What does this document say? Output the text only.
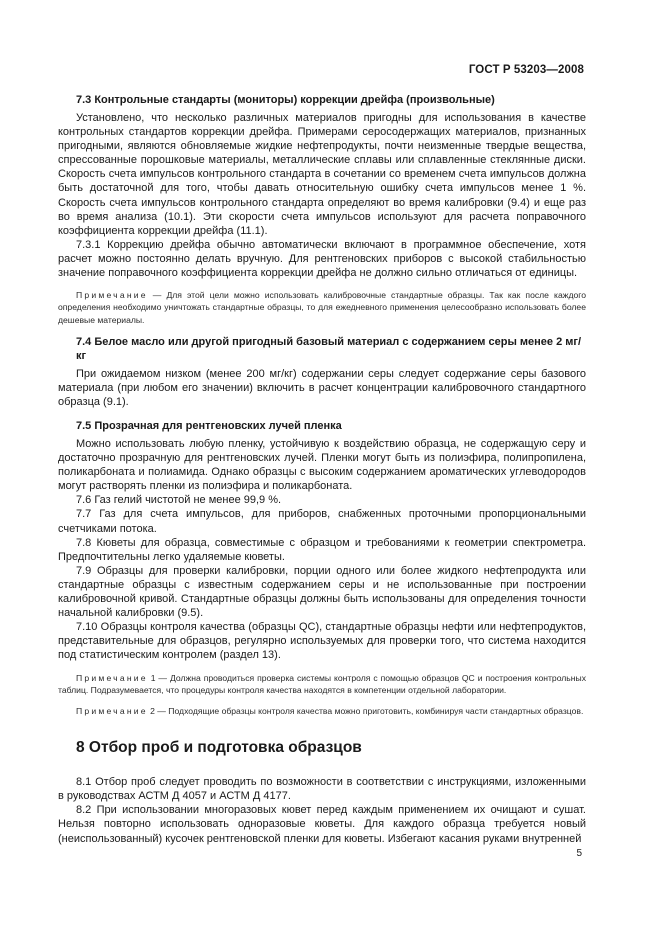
ГОСТ Р 53203—2008

7.3 Контрольные стандарты (мониторы) коррекции дрейфа (произвольные)

Установлено, что несколько различных материалов пригодны для использования в качестве контрольных стандартов коррекции дрейфа. Примерами серосодержащих материалов, признанных пригодными, являются обновляемые жидкие нефтепродукты, почти неизменные твердые вещества, спрессованные порошковые материалы, металлические сплавы или сплавленные стеклянные диски. Скорость счета импульсов контрольного стандарта в сочетании со временем счета импульсов должна быть достаточной для того, чтобы давать относительную ошибку счета импульсов менее 1 %. Скорость счета импульсов контрольного стандарта определяют во время калибровки (9.4) и еще раз во время анализа (10.1). Эти скорости счета импульсов используют для расчета поправочного коэффициента коррекции дрейфа (11.1).

7.3.1 Коррекцию дрейфа обычно автоматически включают в программное обеспечение, хотя расчет можно постоянно делать вручную. Для рентгеновских приборов с высокой стабильностью значение поправочного коэффициента коррекции дрейфа не должно сильно отличаться от единицы.

Примечание — Для этой цели можно использовать калибровочные стандартные образцы. Так как после каждого определения необходимо уничтожать стандартные образцы, то для ежедневного применения целесообразно использовать более дешевые материалы.

7.4 Белое масло или другой пригодный базовый материал с содержанием серы менее 2 мг/кг

При ожидаемом низком (менее 200 мг/кг) содержании серы следует содержание серы базового материала (при любом его значении) включить в расчет концентрации калибровочного стандартного образца (9.1).

7.5 Прозрачная для рентгеновских лучей пленка

Можно использовать любую пленку, устойчивую к воздействию образца, не содержащую серу и достаточно прозрачную для рентгеновских лучей. Пленки могут быть из полиэфира, полипропилена, поликарбоната и полиамида. Однако образцы с высоким содержанием ароматических углеводородов могут растворять пленки из полиэфира и поликарбоната.

7.6 Газ гелий чистотой не менее 99,9 %.

7.7 Газ для счета импульсов, для приборов, снабженных проточными пропорциональными счетчиками потока.

7.8 Кюветы для образца, совместимые с образцом и требованиями к геометрии спектрометра. Предпочтительны легко удаляемые кюветы.

7.9 Образцы для проверки калибровки, порции одного или более жидкого нефтепродукта или стандартные образцы с известным содержанием серы и не использованные при построении калибровочной кривой. Стандартные образцы должны быть использованы для определения точности начальной калибровки (9.5).

7.10 Образцы контроля качества (образцы QC), стандартные образцы нефти или нефтепродуктов, представительные для образцов, регулярно используемых для проверки того, что система находится под статистическим контролем (раздел 13).

Примечание 1 — Должна проводиться проверка системы контроля с помощью образцов QC и построения контрольных таблиц. Подразумевается, что процедуры контроля качества находятся в компетенции отдельной лаборатории.

Примечание 2 — Подходящие образцы контроля качества можно приготовить, комбинируя части стандартных образцов.

8 Отбор проб и подготовка образцов

8.1 Отбор проб следует проводить по возможности в соответствии с инструкциями, изложенными в руководствах АСТМ Д 4057 и АСТМ Д 4177.

8.2 При использовании многоразовых кювет перед каждым применением их очищают и сушат. Нельзя повторно использовать одноразовые кюветы. Для каждого образца требуется новый (неиспользованный) кусочек рентгеновской пленки для кюветы. Избегают касания руками внутренней

5
